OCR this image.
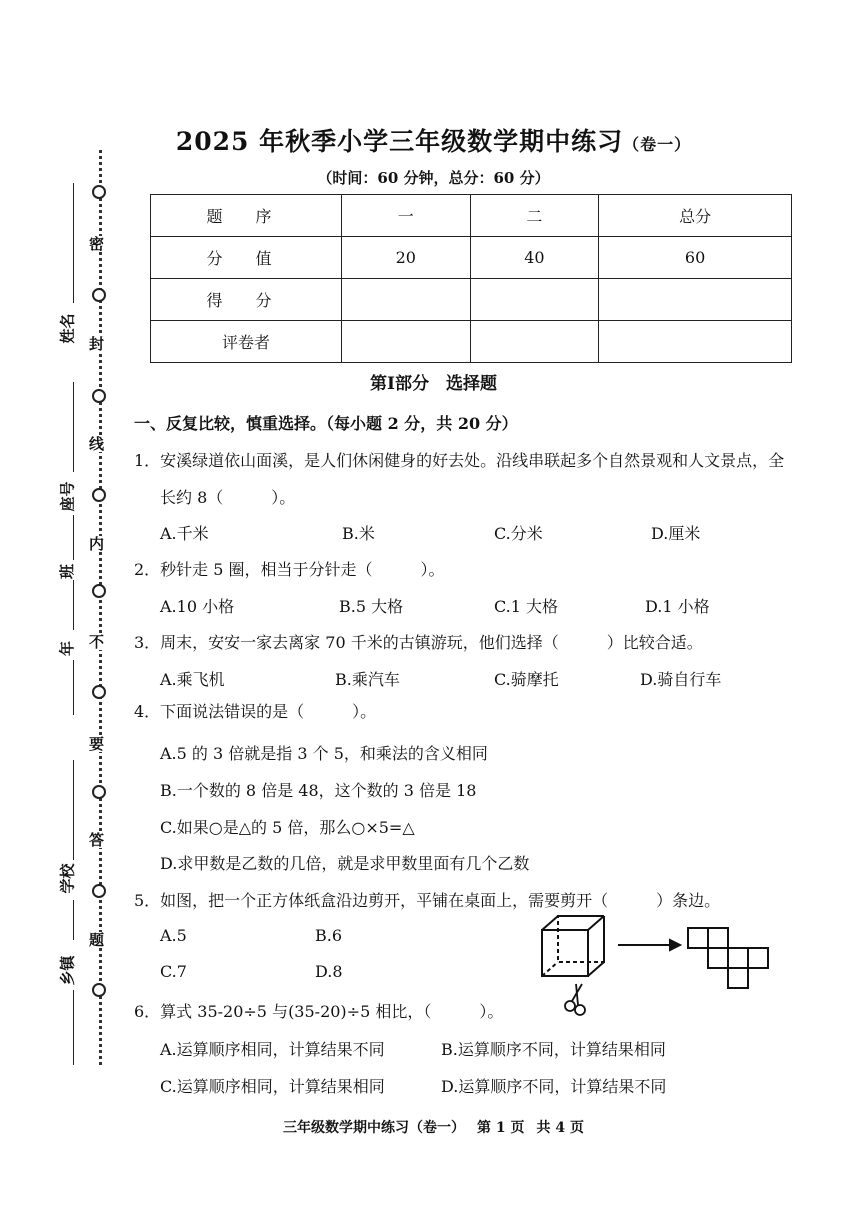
密
封
线
内
不
要
答
题
姓名
座号
班
年
学校
乡镇
2025 年秋季小学三年级数学期中练习（卷一）
（时间：60 分钟，总分：60 分）
题 序	一	二	总分
分 值	20	40	60
得 分			
评卷者			
第Ⅰ部分　选择题
一、反复比较，慎重选择。（每小题 2 分，共 20 分）
1．安溪绿道依山面溪，是人们休闲健身的好去处。沿线串联起多个自然景观和人文景点，全
长约 8（　　　）。
A.千米	B.米	C.分米	D.厘米
2．秒针走 5 圈，相当于分针走（　　　）。
A.10 小格	B.5 大格	C.1 大格	D.1 小格
3．周末，安安一家去离家 70 千米的古镇游玩，他们选择（　　　）比较合适。
A.乘飞机	B.乘汽车	C.骑摩托	D.骑自行车
4．下面说法错误的是（　　　）。
A.5 的 3 倍就是指 3 个 5，和乘法的含义相同
B.一个数的 8 倍是 48，这个数的 3 倍是 18
C.如果○是△的 5 倍，那么○×5=△
D.求甲数是乙数的几倍，就是求甲数里面有几个乙数
5．如图，把一个正方体纸盒沿边剪开，平铺在桌面上，需要剪开（　　　）条边。
A.5	B.6
C.7	D.8
6．算式 35-20÷5 与(35-20)÷5 相比，（　　　）。
A.运算顺序相同，计算结果不同	B.运算顺序不同，计算结果相同
C.运算顺序相同，计算结果相同	D.运算顺序不同，计算结果不同
三年级数学期中练习（卷一） 第 1 页 共 4 页
